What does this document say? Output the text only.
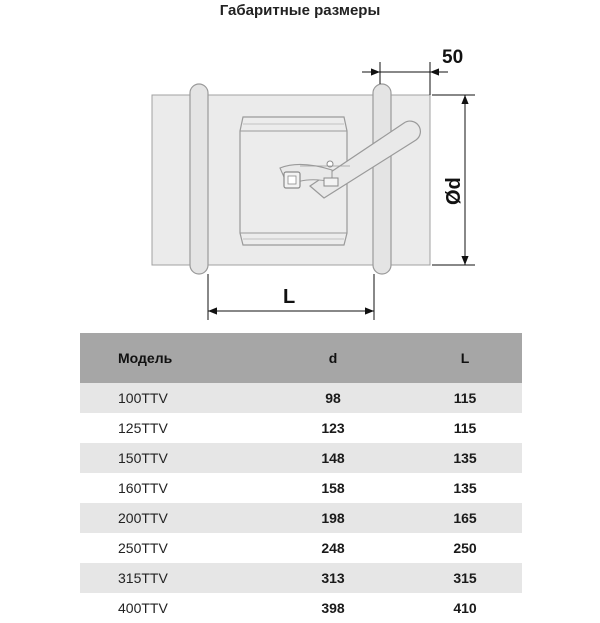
Габаритные размеры
50
Ød
L
Модель	d	L
100TTV	98	115
125TTV	123	115
150TTV	148	135
160TTV	158	135
200TTV	198	165
250TTV	248	250
315TTV	313	315
400TTV	398	410
